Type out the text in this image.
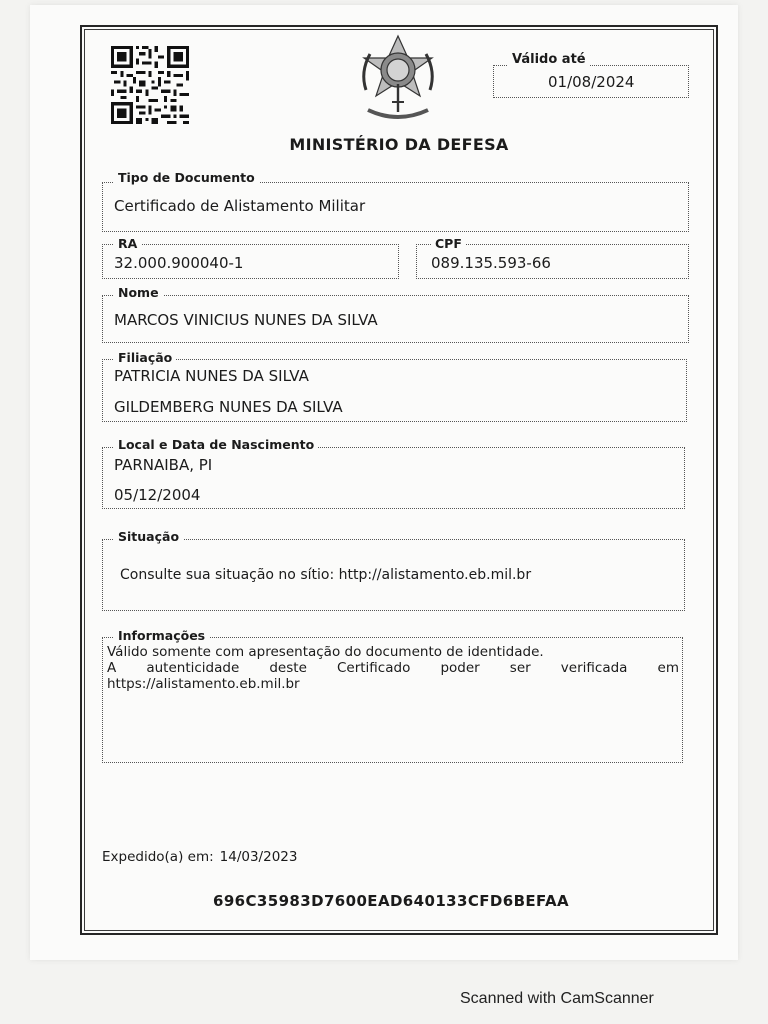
Válido até
01/08/2024
MINISTÉRIO DA DEFESA
Tipo de Documento
Certificado de Alistamento Militar
RA
32.000.900040-1
CPF
089.135.593-66
Nome
MARCOS VINICIUS NUNES DA SILVA
Filiação
PATRICIA NUNES DA SILVA
GILDEMBERG NUNES DA SILVA
Local e Data de Nascimento
PARNAIBA, PI
05/12/2004
Situação
Consulte sua situação no sítio: http://alistamento.eb.mil.br
Informações
Válido somente com apresentação do documento de identidade.
A autenticidade deste Certificado poder ser verificada em
https://alistamento.eb.mil.br
Expedido(a) em: 14/03/2023
696C35983D7600EAD640133CFD6BEFAA
Scanned with CamScanner
